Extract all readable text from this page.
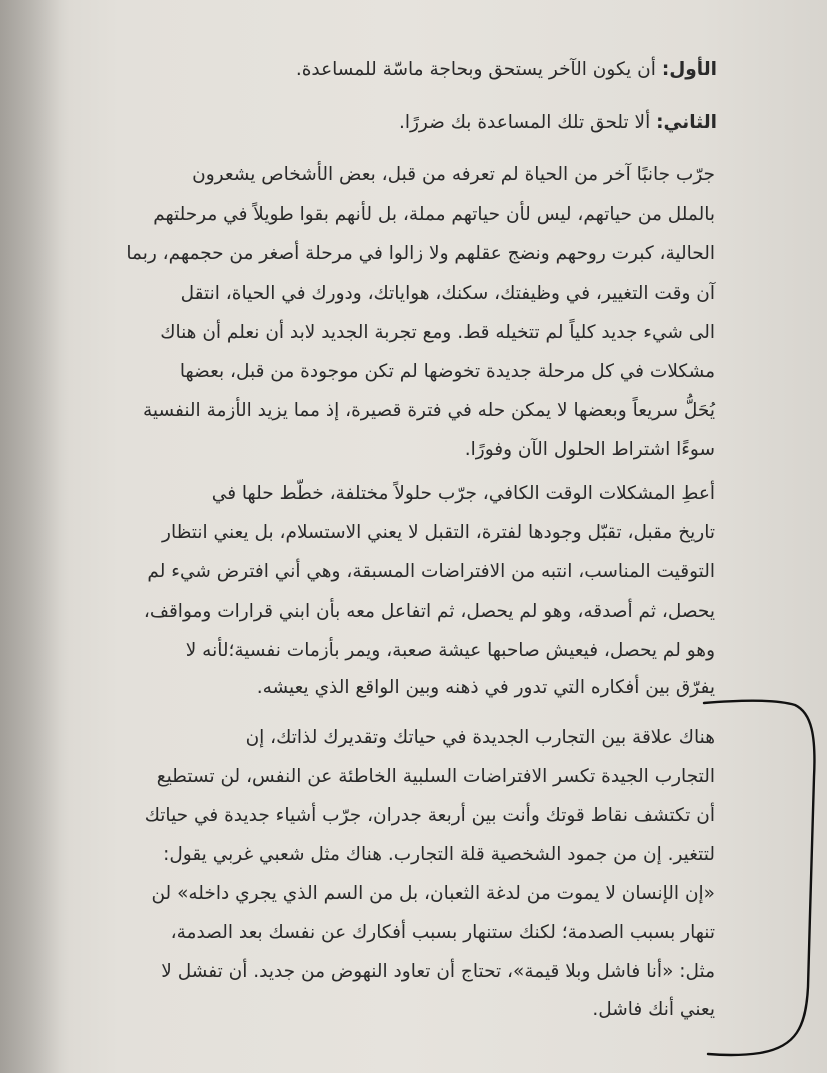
الأول: أن يكون الآخر يستحق وبحاجة ماسّة للمساعدة.
الثاني: ألا تلحق تلك المساعدة بك ضررًا.
جرّب جانبًا آخر من الحياة لم تعرفه من قبل، بعض الأشخاص يشعرون
بالملل من حياتهم، ليس لأن حياتهم مملة، بل لأنهم بقوا طويلاً في مرحلتهم
الحالية، كبرت روحهم ونضج عقلهم ولا زالوا في مرحلة أصغر من حجمهم، ربما
آن وقت التغيير، في وظيفتك، سكنك، هواياتك، ودورك في الحياة، انتقل
الى شيء جديد كلياً لم تتخيله قط. ومع تجربة الجديد لابد أن نعلم أن هناك
مشكلات في كل مرحلة جديدة تخوضها لم تكن موجودة من قبل، بعضها
يُحَلُّ سريعاً وبعضها لا يمكن حله في فترة قصيرة، إذ مما يزيد الأزمة النفسية
سوءًا اشتراط الحلول الآن وفورًا.
أعطِ المشكلات الوقت الكافي، جرّب حلولاً مختلفة، خطّط حلها في
تاريخ مقبل، تقبّل وجودها لفترة، التقبل لا يعني الاستسلام، بل يعني انتظار
التوقيت المناسب، انتبه من الافتراضات المسبقة، وهي أني افترض شيء لم
يحصل، ثم أصدقه، وهو لم يحصل، ثم اتفاعل معه بأن ابني قرارات ومواقف،
وهو لم يحصل، فيعيش صاحبها عيشة صعبة، ويمر بأزمات نفسية؛لأنه لا
يفرّق بين أفكاره التي تدور في ذهنه وبين الواقع الذي يعيشه.
هناك علاقة بين التجارب الجديدة في حياتك وتقديرك لذاتك، إن
التجارب الجيدة تكسر الافتراضات السلبية الخاطئة عن النفس، لن تستطيع
أن تكتشف نقاط قوتك وأنت بين أربعة جدران، جرّب أشياء جديدة في حياتك
لتتغير. إن من جمود الشخصية قلة التجارب. هناك مثل شعبي غربي يقول:
«إن الإنسان لا يموت من لدغة الثعبان، بل من السم الذي يجري داخله» لن
تنهار بسبب الصدمة؛ لكنك ستنهار بسبب أفكارك عن نفسك بعد الصدمة،
مثل: «أنا فاشل وبلا قيمة»، تحتاج أن تعاود النهوض من جديد. أن تفشل لا
يعني أنك فاشل.
